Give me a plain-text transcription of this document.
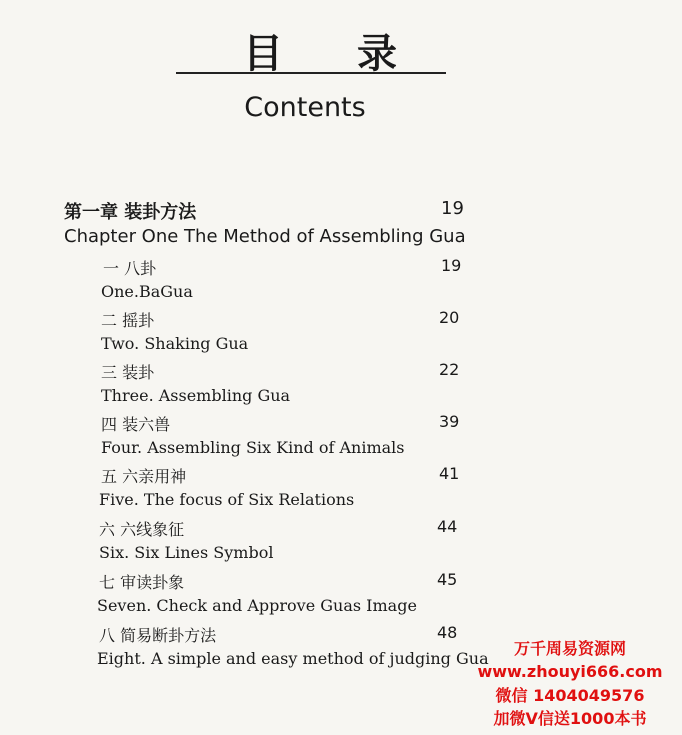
目 录
Contents
第一章 装卦方法	19
Chapter One The Method of Assembling Gua
一 八卦	19
One.BaGua
二 摇卦	20
Two. Shaking Gua
三 装卦	22
Three. Assembling Gua
四 装六兽	39
Four. Assembling Six Kind of Animals
五 六亲用神	41
Five. The focus of Six Relations
六 六线象征	44
Six. Six Lines Symbol
七 审读卦象	45
Seven. Check and Approve Guas Image
八 简易断卦方法	48
Eight. A simple and easy method of judging Gua
万千周易资源网
www.zhouyi666.com
微信 1404049576
加微V信送1000本书
